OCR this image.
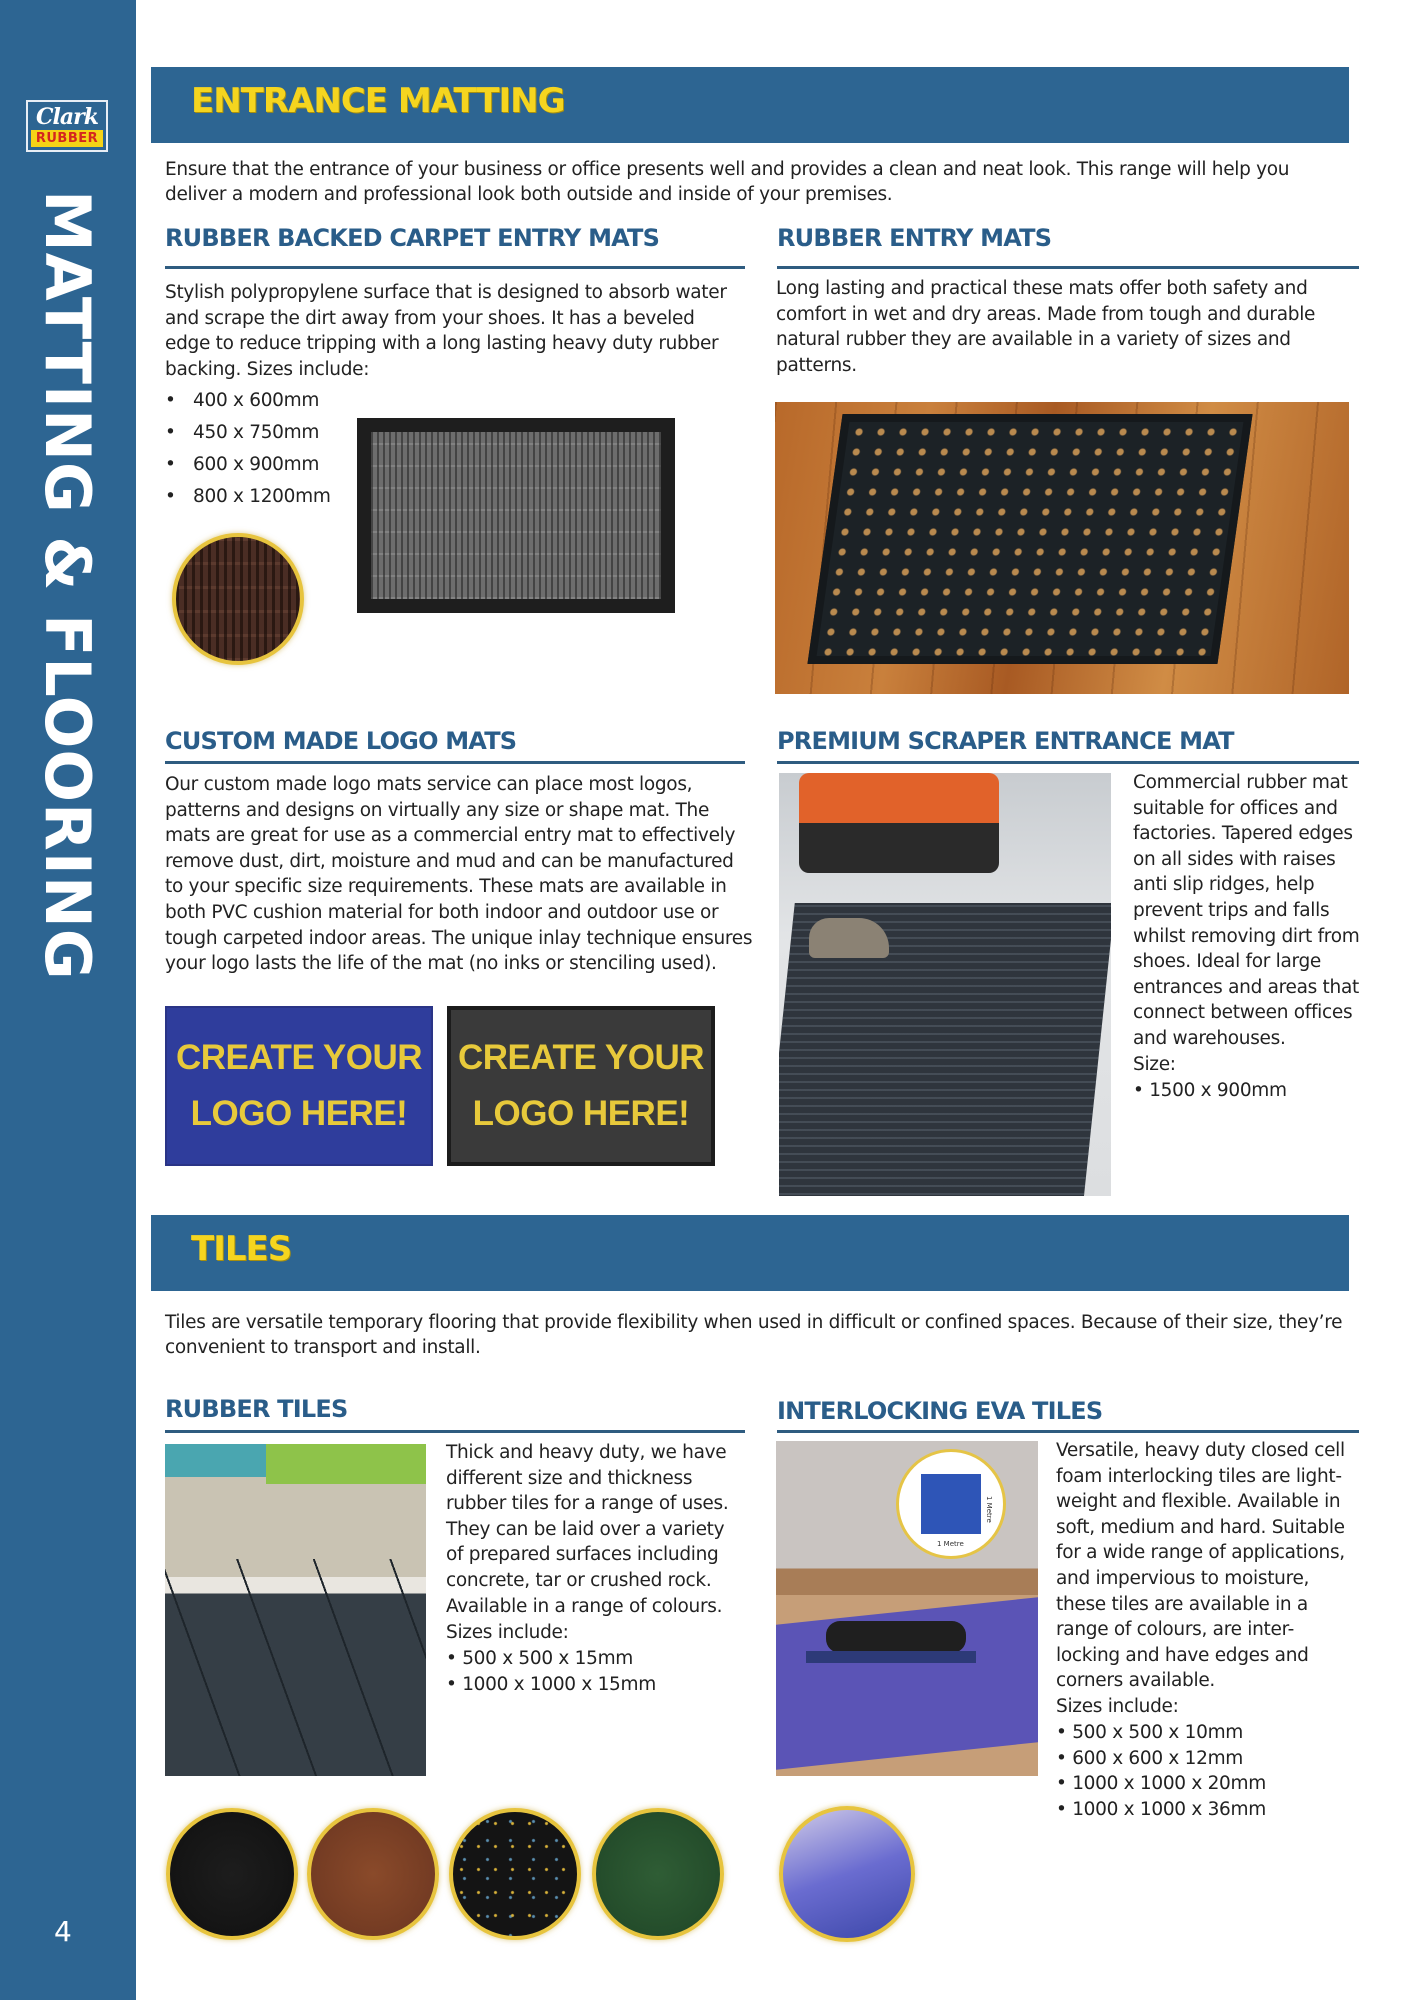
Clark
RUBBER
MATTING & FLOORING
4
ENTRANCE MATTING

Ensure that the entrance of your business or office presents well and provides a clean and neat look. This range will help you deliver a modern and professional look both outside and inside of your premises.

RUBBER BACKED CARPET ENTRY MATS

Stylish polypropylene surface that is designed to absorb water and scrape the dirt away from your shoes. It has a beveled edge to reduce tripping with a long lasting heavy duty rubber backing. Sizes include:

• 400 x 600mm
• 450 x 750mm
• 600 x 900mm
• 800 x 1200mm
RUBBER ENTRY MATS

Long lasting and practical these mats offer both safety and comfort in wet and dry areas. Made from tough and durable natural rubber they are available in a variety of sizes and patterns.

CUSTOM MADE LOGO MATS

Our custom made logo mats service can place most logos, patterns and designs on virtually any size or shape mat. The mats are great for use as a commercial entry mat to effectively remove dust, dirt, moisture and mud and can be manufactured to your specific size requirements. These mats are available in both PVC cushion material for both indoor and outdoor use or tough carpeted indoor areas. The unique inlay technique ensures your logo lasts the life of the mat (no inks or stenciling used).

CREATE YOUR
LOGO HERE!
CREATE YOUR
LOGO HERE!
PREMIUM SCRAPER ENTRANCE MAT

Commercial rubber mat suitable for offices and factories. Tapered edges on all sides with raises anti slip ridges, help prevent trips and falls whilst removing dirt from shoes. Ideal for large entrances and areas that connect between offices and warehouses.

Size:
• 1500 x 900mm
TILES

Tiles are versatile temporary flooring that provide flexibility when used in difficult or confined spaces. Because of their size, they’re convenient to transport and install.

RUBBER TILES

Thick and heavy duty, we have different size and thickness rubber tiles for a range of uses. They can be laid over a variety of prepared surfaces including concrete, tar or crushed rock. Available in a range of colours.

Sizes include:
• 500 x 500 x 15mm
• 1000 x 1000 x 15mm
INTERLOCKING EVA TILES
1 Metre
1 Metre

Versatile, heavy duty closed cell foam interlocking tiles are light-weight and flexible. Available in soft, medium and hard. Suitable for a wide range of applications, and impervious to moisture, these tiles are available in a range of colours, are inter-locking and have edges and corners available.

Sizes include:
• 500 x 500 x 10mm
• 600 x 600 x 12mm
• 1000 x 1000 x 20mm
• 1000 x 1000 x 36mm
